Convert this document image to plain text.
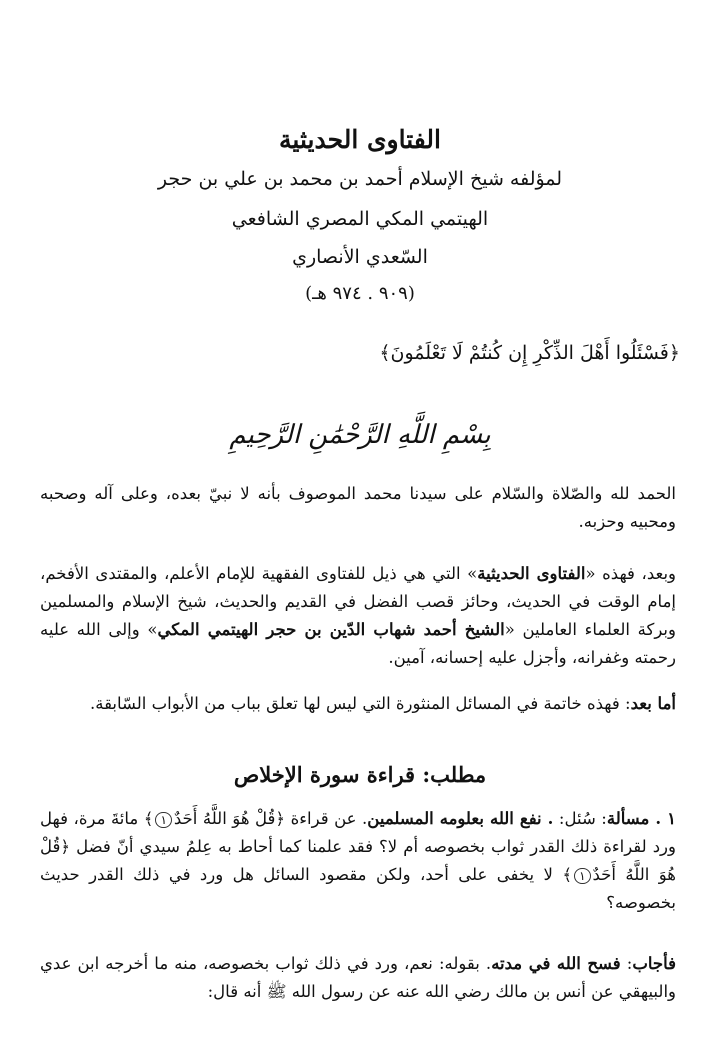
الفتاوى الحديثية
لمؤلفه شيخ الإسلام أحمد بن محمد بن علي بن حجر
الهيتمي المكي المصري الشافعي
السّعدي الأنصاري
(٩٠٩ . ٩٧٤ هـ)
﴿فَسْئَلُوا أَهْلَ الذِّكْرِ إِن كُنتُمْ لَا تَعْلَمُونَ﴾
بِسْمِ اللَّهِ الرَّحْمَٰنِ الرَّحِيمِ
الحمد لله والصّلاة والسّلام على سيدنا محمد الموصوف بأنه لا نبيّ بعده، وعلى آله وصحبه ومحبيه وحزبه.
وبعد، فهذه «الفتاوى الحديثية» التي هي ذيل للفتاوى الفقهية للإمام الأعلم، والمقتدى الأفخم، إمام الوقت في الحديث، وحائز قصب الفضل في القديم والحديث، شيخ الإسلام والمسلمين وبركة العلماء العاملين «الشيخ أحمد شهاب الدّين بن حجر الهيتمي المكي» وإلى الله عليه رحمته وغفرانه، وأجزل عليه إحسانه، آمين.
أما بعد: فهذه خاتمة في المسائل المنثورة التي ليس لها تعلق بباب من الأبواب السّابقة.
مطلب: قراءة سورة الإخلاص
١ . مسألة: سُئل: . نفع الله بعلومه المسلمين. عن قراءة ﴿قُلْ هُوَ اللَّهُ أَحَدٌ١﴾ مائةَ مرة، فهل ورد لقراءة ذلك القدر ثواب بخصوصه أم لا؟ فقد علمنا كما أحاط به عِلمُ سيدي أنّ فضل ﴿قُلْ هُوَ اللَّهُ أَحَدٌ١﴾ لا يخفى على أحد، ولكن مقصود السائل هل ورد في ذلك القدر حديث بخصوصه؟
فأجاب: فسح الله في مدته. بقوله: نعم، ورد في ذلك ثواب بخصوصه، منه ما أخرجه ابن عدي والبيهقي عن أنس بن مالك رضي الله عنه عن رسول الله ﷺ أنه قال:
